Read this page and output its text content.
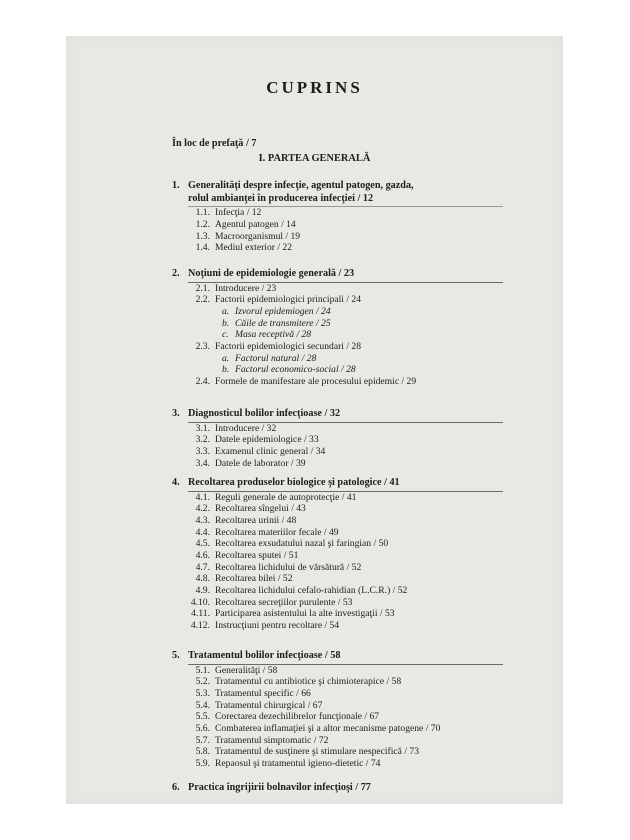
CUPRINS
În loc de prefaţă / 7
I. PARTEA GENERALĂ
1. Generalităţi despre infecţie, agentul patogen, gazda,
rolul ambianţei în producerea infecţiei / 12
1.1. Infecţia / 12
1.2. Agentul patogen / 14
1.3. Macroorganismul / 19
1.4. Mediul exterior / 22
2. Noţiuni de epidemiologie generală / 23
2.1. Introducere / 23
2.2. Factorii epidemiologici principali / 24
a. Izvorul epidemiogen / 24
b. Căile de transmitere / 25
c. Masa receptivă / 28
2.3. Factorii epidemiologici secundari / 28
a. Factorul natural / 28
b. Factorul economico-social / 28
2.4. Formele de manifestare ale procesului epidemic / 29
3. Diagnosticul bolilor infecţioase / 32
3.1. Introducere / 32
3.2. Datele epidemiologice / 33
3.3. Examenul clinic general / 34
3.4. Datele de laborator / 39
4. Recoltarea produselor biologice şi patologice / 41
4.1. Reguli generale de autoprotecţie / 41
4.2. Recoltarea sîngelui / 43
4.3. Recoltarea urinii / 48
4.4. Recoltarea materiilor fecale / 49
4.5. Recoltarea exsudatului nazal şi faringian / 50
4.6. Recoltarea sputei / 51
4.7. Recoltarea lichidului de vărsătură / 52
4.8. Recoltarea bilei / 52
4.9. Recoltarea lichidului cefalo-rahidian (L.C.R.) / 52
4.10. Recoltarea secreţiilor purulente / 53
4.11. Participarea asistentului la alte investigaţii / 53
4.12. Instrucţiuni pentru recoltare / 54
5. Tratamentul bolilor infecţioase / 58
5.1. Generalităţi / 58
5.2. Tratamentul cu antibiotice şi chimioterapice / 58
5.3. Tratamentul specific / 66
5.4. Tratamentul chirurgical / 67
5.5. Corectarea dezechilibrelor funcţionale / 67
5.6. Combaterea inflamaţiei şi a altor mecanisme patogene / 70
5.7. Tratamentul simptomatic / 72
5.8. Tratamentul de susţinere şi stimulare nespecifică / 73
5.9. Repaosul şi tratamentul igieno-dietetic / 74
6. Practica îngrijirii bolnavilor infecţioşi / 77
